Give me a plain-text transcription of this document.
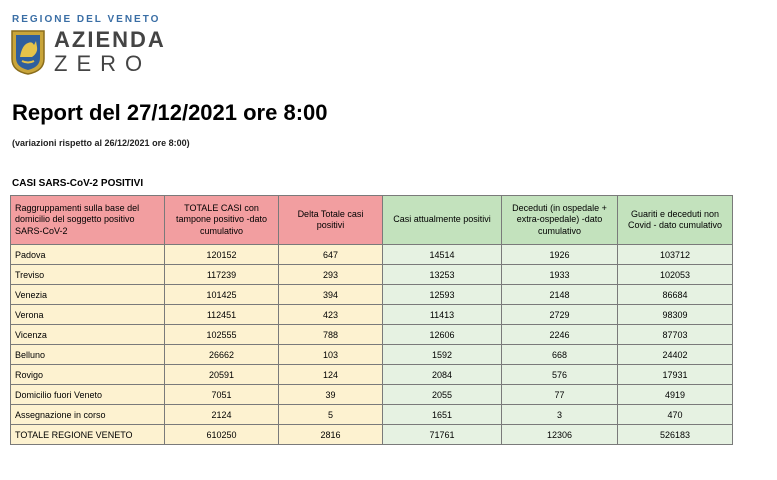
REGIONE DEL VENETO
AZIENDA
ZERO
Report del 27/12/2021 ore 8:00
(variazioni rispetto al 26/12/2021 ore 8:00)
CASI SARS-CoV-2 POSITIVI
Raggruppamenti sulla base del domicilio del soggetto positivo SARS-CoV-2	TOTALE CASI con tampone positivo -dato cumulativo	Delta Totale casi positivi	Casi attualmente positivi	Deceduti (in ospedale + extra-ospedale) -dato cumulativo	Guariti e deceduti non Covid - dato cumulativo
Padova	120152	647	14514	1926	103712
Treviso	117239	293	13253	1933	102053
Venezia	101425	394	12593	2148	86684
Verona	112451	423	11413	2729	98309
Vicenza	102555	788	12606	2246	87703
Belluno	26662	103	1592	668	24402
Rovigo	20591	124	2084	576	17931
Domicilio fuori Veneto	7051	39	2055	77	4919
Assegnazione in corso	2124	5	1651	3	470
TOTALE REGIONE VENETO	610250	2816	71761	12306	526183
